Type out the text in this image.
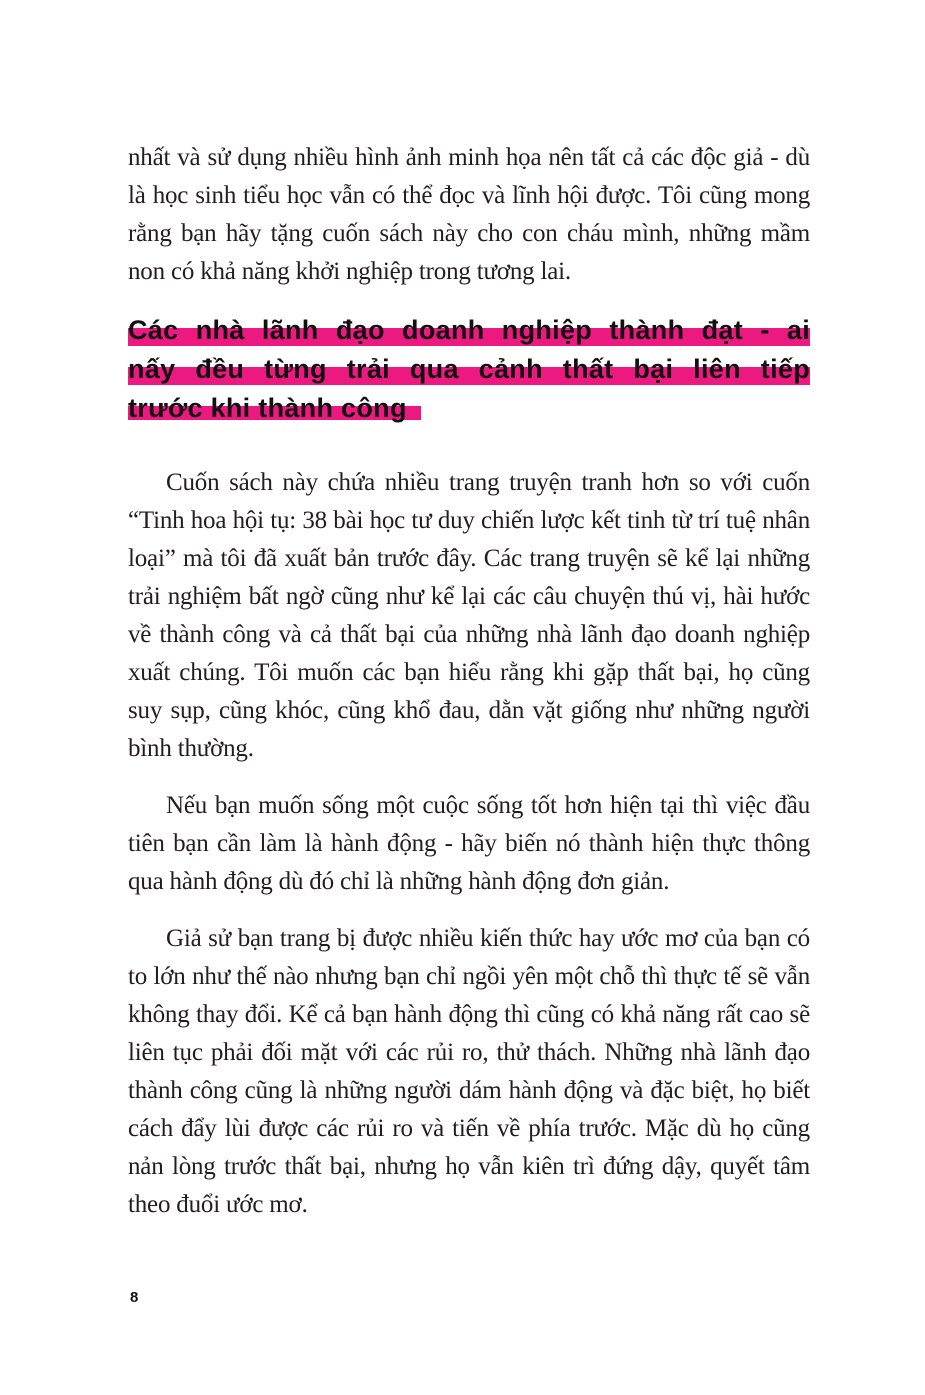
nhất và sử dụng nhiều hình ảnh minh họa nên tất cả các độc giả - dù là học sinh tiểu học vẫn có thể đọc và lĩnh hội được. Tôi cũng mong rằng bạn hãy tặng cuốn sách này cho con cháu mình, những mầm non có khả năng khởi nghiệp trong tương lai.

Các nhà lãnh đạo doanh nghiệp thành đạt - ai
nấy đều từng trải qua cảnh thất bại liên tiếp
trước khi thành công

Cuốn sách này chứa nhiều trang truyện tranh hơn so với cuốn “Tinh hoa hội tụ: 38 bài học tư duy chiến lược kết tinh từ trí tuệ nhân loại” mà tôi đã xuất bản trước đây. Các trang truyện sẽ kể lại những trải nghiệm bất ngờ cũng như kể lại các câu chuyện thú vị, hài hước về thành công và cả thất bại của những nhà lãnh đạo doanh nghiệp xuất chúng. Tôi muốn các bạn hiểu rằng khi gặp thất bại, họ cũng suy sụp, cũng khóc, cũng khổ đau, dằn vặt giống như những người bình thường.

Nếu bạn muốn sống một cuộc sống tốt hơn hiện tại thì việc đầu tiên bạn cần làm là hành động - hãy biến nó thành hiện thực thông qua hành động dù đó chỉ là những hành động đơn giản.

Giả sử bạn trang bị được nhiều kiến thức hay ước mơ của bạn có to lớn như thế nào nhưng bạn chỉ ngồi yên một chỗ thì thực tế sẽ vẫn không thay đổi. Kể cả bạn hành động thì cũng có khả năng rất cao sẽ liên tục phải đối mặt với các rủi ro, thử thách. Những nhà lãnh đạo thành công cũng là những người dám hành động và đặc biệt, họ biết cách đẩy lùi được các rủi ro và tiến về phía trước. Mặc dù họ cũng nản lòng trước thất bại, nhưng họ vẫn kiên trì đứng dậy, quyết tâm theo đuổi ước mơ.

8
